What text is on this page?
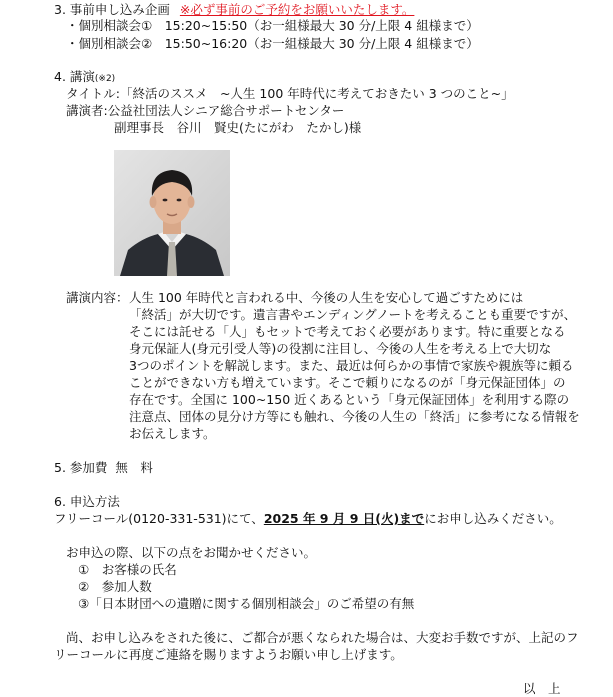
3. 事前申し込み企画 ※必ず事前のご予約をお願いいたします。
・個別相談会①　15:20~15:50（お一組様最大 30 分/上限 4 組様まで）
・個別相談会②　15:50~16:20（お一組様最大 30 分/上限 4 組様まで）
4. 講演(※2)
タイトル:「終活のススメ　~人生 100 年時代に考えておきたい 3 つのこと~」
講演者:公益社団法人シニア総合サポートセンター
副理事長　谷川　賢史(たにがわ　たかし)様
講演内容： 人生 100 年時代と言われる中、今後の人生を安心して過ごすためには
「終活」が大切です。遺言書やエンディングノートを考えることも重要ですが、
そこには託せる「人」もセットで考えておく必要があります。特に重要となる
身元保証人(身元引受人等)の役割に注目し、今後の人生を考える上で大切な
3つのポイントを解説します。また、最近は何らかの事情で家族や親族等に頼る
ことができない方も増えています。そこで頼りになるのが「身元保証団体」の
存在です。全国に 100~150 近くあるという「身元保証団体」を利用する際の
注意点、団体の見分け方等にも触れ、今後の人生の「終活」に参考になる情報を
お伝えします。
5. 参加費 無　料
6. 申込方法
フリーコール(0120-331-531)にて、2025 年 9 月 9 日(火)までにお申し込みください。
お申込の際、以下の点をお聞かせください。
①　お客様の氏名
②　参加人数
③「日本財団への遺贈に関する個別相談会」のご希望の有無
尚、お申し込みをされた後に、ご都合が悪くなられた場合は、大変お手数ですが、上記のフ
リーコールに再度ご連絡を賜りますようお願い申し上げます。
以　上
